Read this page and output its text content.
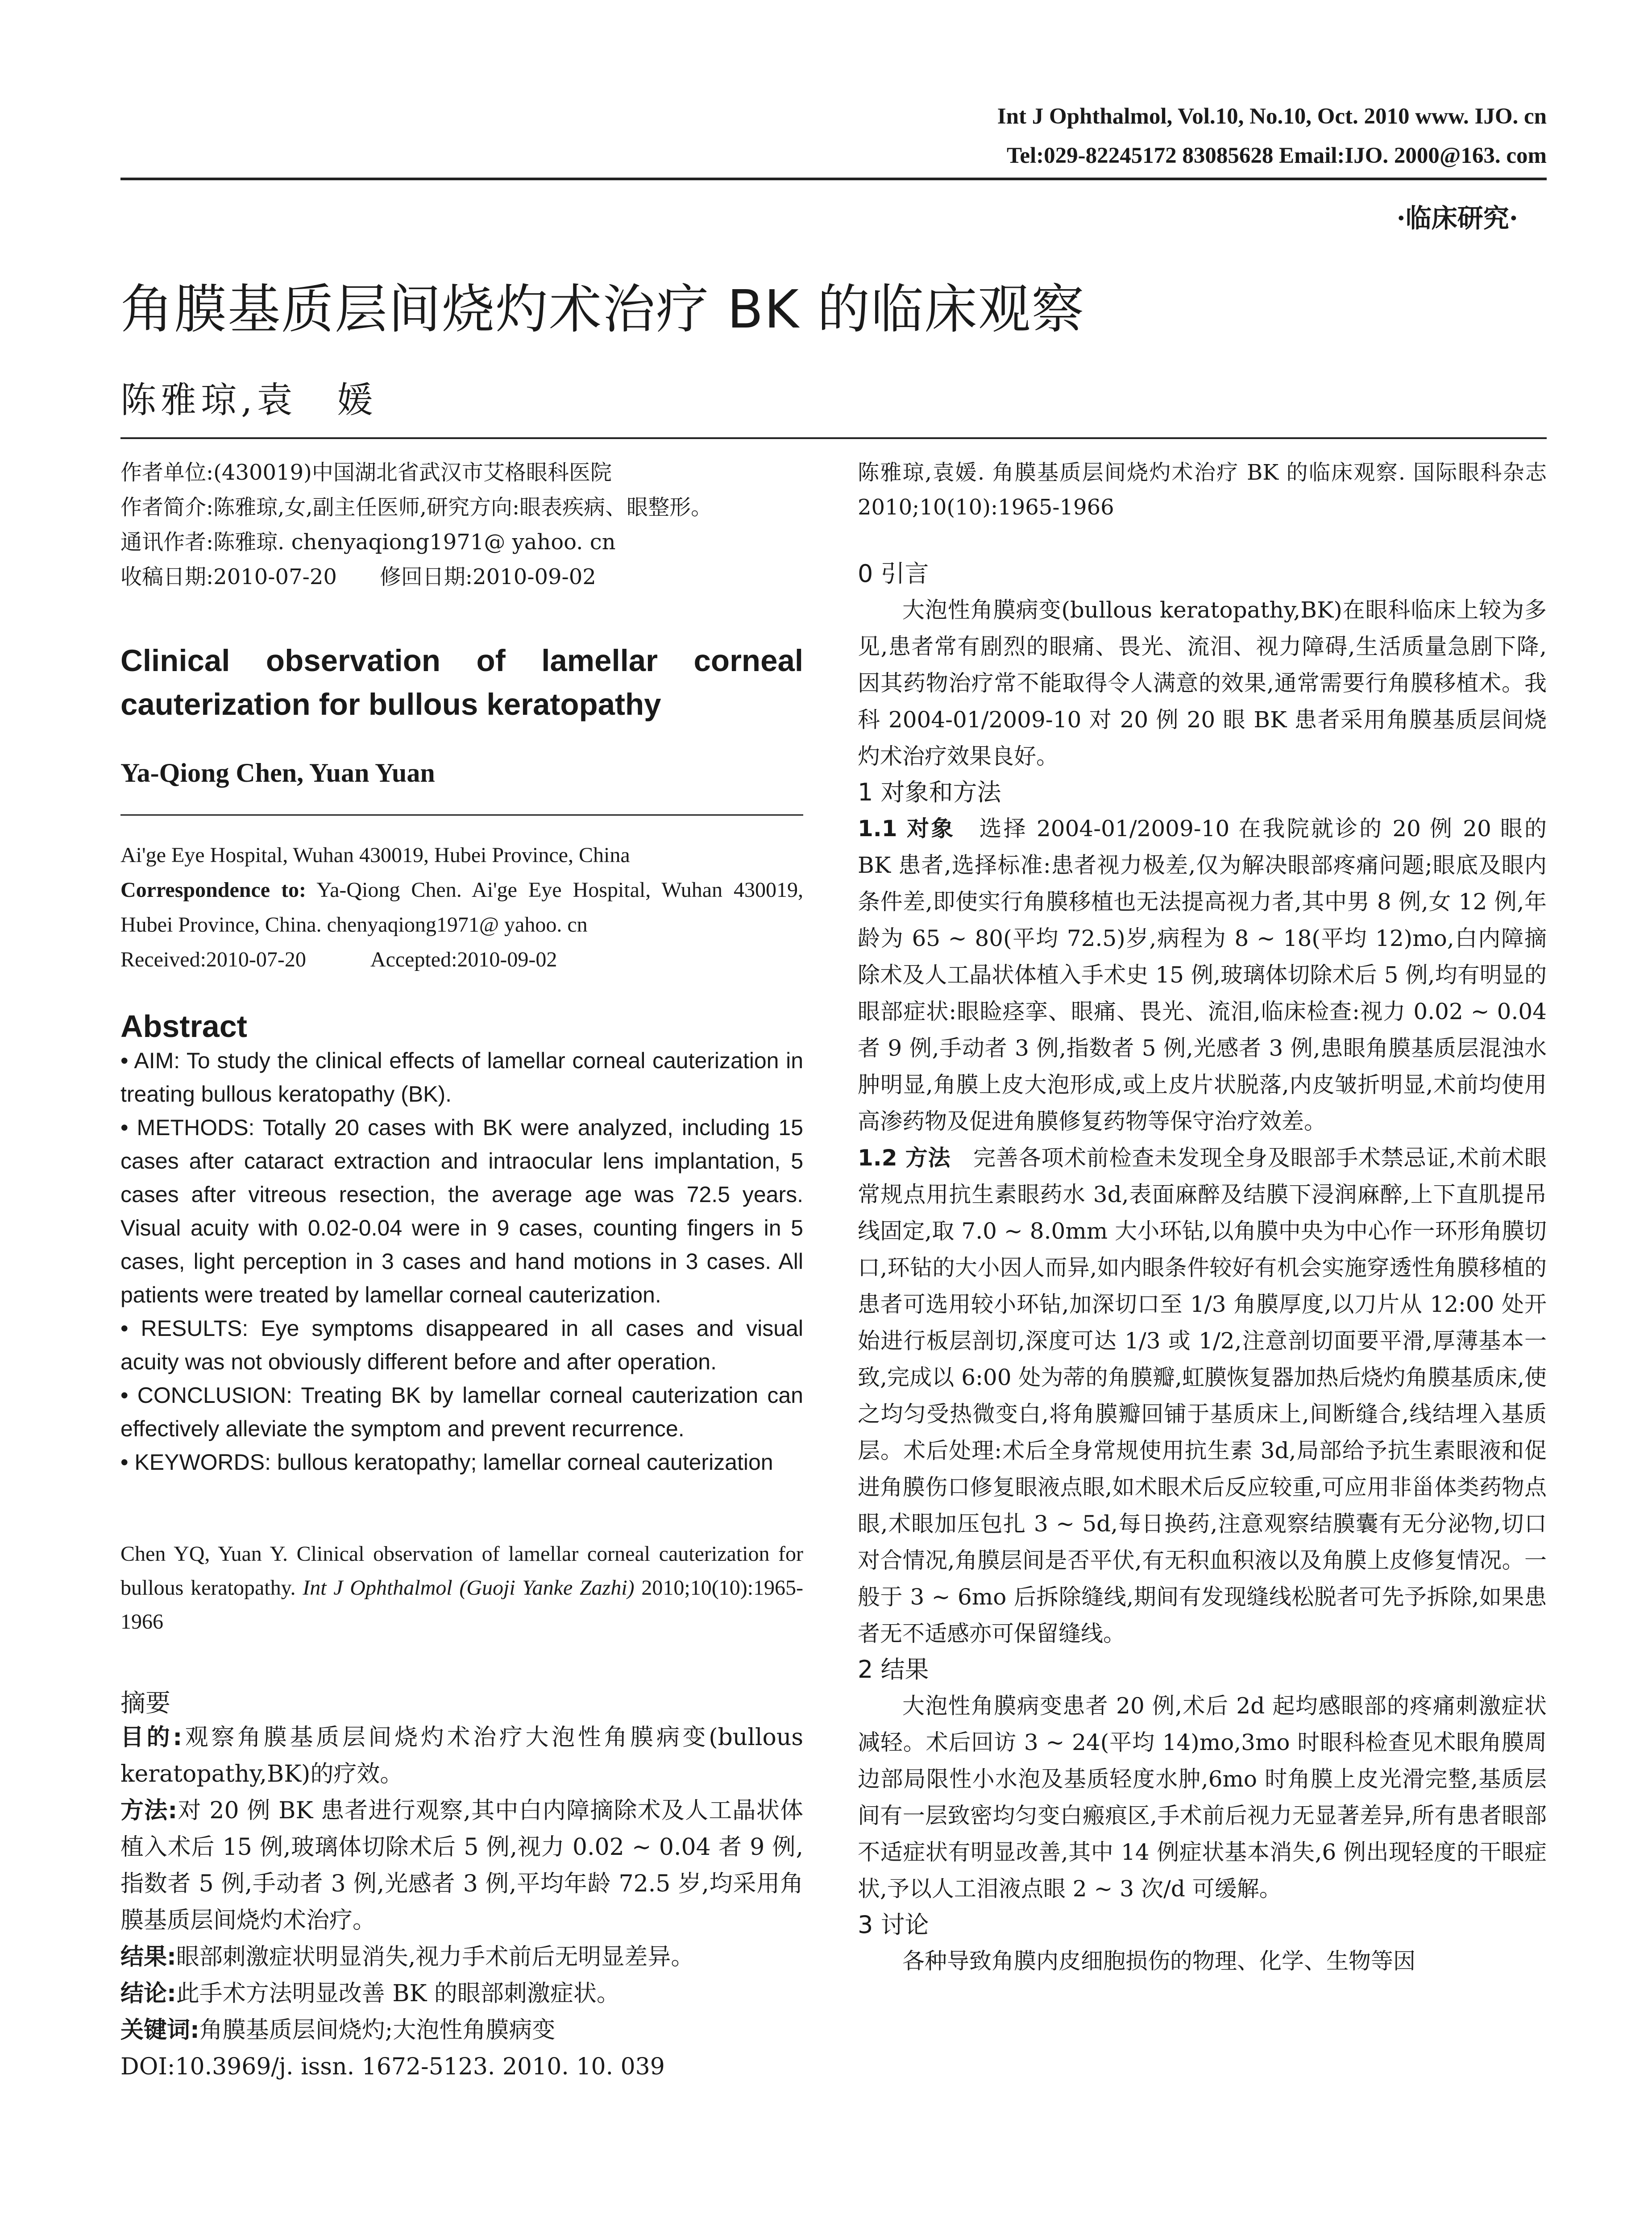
Int J Ophthalmol, Vol.10, No.10, Oct. 2010 www. IJO. cn
Tel:029-82245172 83085628 Email:IJO. 2000@163. com
·临床研究·
角膜基质层间烧灼术治疗 BK 的临床观察
陈雅琼,袁　媛

作者单位:(430019)中国湖北省武汉市艾格眼科医院

作者简介:陈雅琼,女,副主任医师,研究方向:眼表疾病、眼整形。

通讯作者:陈雅琼. chenyaqiong1971@ yahoo. cn

收稿日期:2010-07-20　　修回日期:2010-09-02

Clinical observation of lamellar corneal cauterization for bullous keratopathy

Ya-Qiong Chen, Yuan Yuan

Ai'ge Eye Hospital, Wuhan 430019, Hubei Province, China

Correspondence to: Ya-Qiong Chen. Ai'ge Eye Hospital, Wuhan 430019, Hubei Province, China. chenyaqiong1971@ yahoo. cn

Received:2010-07-20　　　Accepted:2010-09-02

Abstract

• AIM: To study the clinical effects of lamellar corneal cauterization in treating bullous keratopathy (BK).

• METHODS: Totally 20 cases with BK were analyzed, including 15 cases after cataract extraction and intraocular lens implantation, 5 cases after vitreous resection, the average age was 72.5 years. Visual acuity with 0.02-0.04 were in 9 cases, counting fingers in 5 cases, light perception in 3 cases and hand motions in 3 cases. All patients were treated by lamellar corneal cauterization.

• RESULTS: Eye symptoms disappeared in all cases and visual acuity was not obviously different before and after operation.

• CONCLUSION: Treating BK by lamellar corneal cauterization can effectively alleviate the symptom and prevent recurrence.

• KEYWORDS: bullous keratopathy; lamellar corneal cauterization

Chen YQ, Yuan Y. Clinical observation of lamellar corneal cauterization for bullous keratopathy. Int J Ophthalmol (Guoji Yanke Zazhi) 2010;10(10):1965-1966

摘要

目的:观察角膜基质层间烧灼术治疗大泡性角膜病变(bullous keratopathy,BK)的疗效。

方法:对 20 例 BK 患者进行观察,其中白内障摘除术及人工晶状体植入术后 15 例,玻璃体切除术后 5 例,视力 0.02 ~ 0.04 者 9 例,指数者 5 例,手动者 3 例,光感者 3 例,平均年龄 72.5 岁,均采用角膜基质层间烧灼术治疗。

结果:眼部刺激症状明显消失,视力手术前后无明显差异。

结论:此手术方法明显改善 BK 的眼部刺激症状。

关键词:角膜基质层间烧灼;大泡性角膜病变

DOI:10.3969/j. issn. 1672-5123. 2010. 10. 039

陈雅琼,袁媛. 角膜基质层间烧灼术治疗 BK 的临床观察. 国际眼科杂志 2010;10(10):1965-1966

0 引言

大泡性角膜病变(bullous keratopathy,BK)在眼科临床上较为多见,患者常有剧烈的眼痛、畏光、流泪、视力障碍,生活质量急剧下降,因其药物治疗常不能取得令人满意的效果,通常需要行角膜移植术。我科 2004-01/2009-10 对 20 例 20 眼 BK 患者采用角膜基质层间烧灼术治疗效果良好。

1 对象和方法

1.1 对象　 选择 2004-01/2009-10 在我院就诊的 20 例 20 眼的 BK 患者,选择标准:患者视力极差,仅为解决眼部疼痛问题;眼底及眼内条件差,即使实行角膜移植也无法提高视力者,其中男 8 例,女 12 例,年龄为 65 ~ 80(平均 72.5)岁,病程为 8 ~ 18(平均 12)mo,白内障摘除术及人工晶状体植入手术史 15 例,玻璃体切除术后 5 例,均有明显的眼部症状:眼睑痉挛、眼痛、畏光、流泪,临床检查:视力 0.02 ~ 0.04 者 9 例,手动者 3 例,指数者 5 例,光感者 3 例,患眼角膜基质层混浊水肿明显,角膜上皮大泡形成,或上皮片状脱落,内皮皱折明显,术前均使用高渗药物及促进角膜修复药物等保守治疗效差。

1.2 方法　 完善各项术前检查未发现全身及眼部手术禁忌证,术前术眼常规点用抗生素眼药水 3d,表面麻醉及结膜下浸润麻醉,上下直肌提吊线固定,取 7.0 ~ 8.0mm 大小环钻,以角膜中央为中心作一环形角膜切口,环钻的大小因人而异,如内眼条件较好有机会实施穿透性角膜移植的患者可选用较小环钻,加深切口至 1/3 角膜厚度,以刀片从 12:00 处开始进行板层剖切,深度可达 1/3 或 1/2,注意剖切面要平滑,厚薄基本一致,完成以 6:00 处为蒂的角膜瓣,虹膜恢复器加热后烧灼角膜基质床,使之均匀受热微变白,将角膜瓣回铺于基质床上,间断缝合,线结埋入基质层。术后处理:术后全身常规使用抗生素 3d,局部给予抗生素眼液和促进角膜伤口修复眼液点眼,如术眼术后反应较重,可应用非甾体类药物点眼,术眼加压包扎 3 ~ 5d,每日换药,注意观察结膜囊有无分泌物,切口对合情况,角膜层间是否平伏,有无积血积液以及角膜上皮修复情况。一般于 3 ~ 6mo 后拆除缝线,期间有发现缝线松脱者可先予拆除,如果患者无不适感亦可保留缝线。

2 结果

大泡性角膜病变患者 20 例,术后 2d 起均感眼部的疼痛刺激症状减轻。术后回访 3 ~ 24(平均 14)mo,3mo 时眼科检查见术眼角膜周边部局限性小水泡及基质轻度水肿,6mo 时角膜上皮光滑完整,基质层间有一层致密均匀变白瘢痕区,手术前后视力无显著差异,所有患者眼部不适症状有明显改善,其中 14 例症状基本消失,6 例出现轻度的干眼症状,予以人工泪液点眼 2 ~ 3 次/d 可缓解。

3 讨论

各种导致角膜内皮细胞损伤的物理、化学、生物等因
